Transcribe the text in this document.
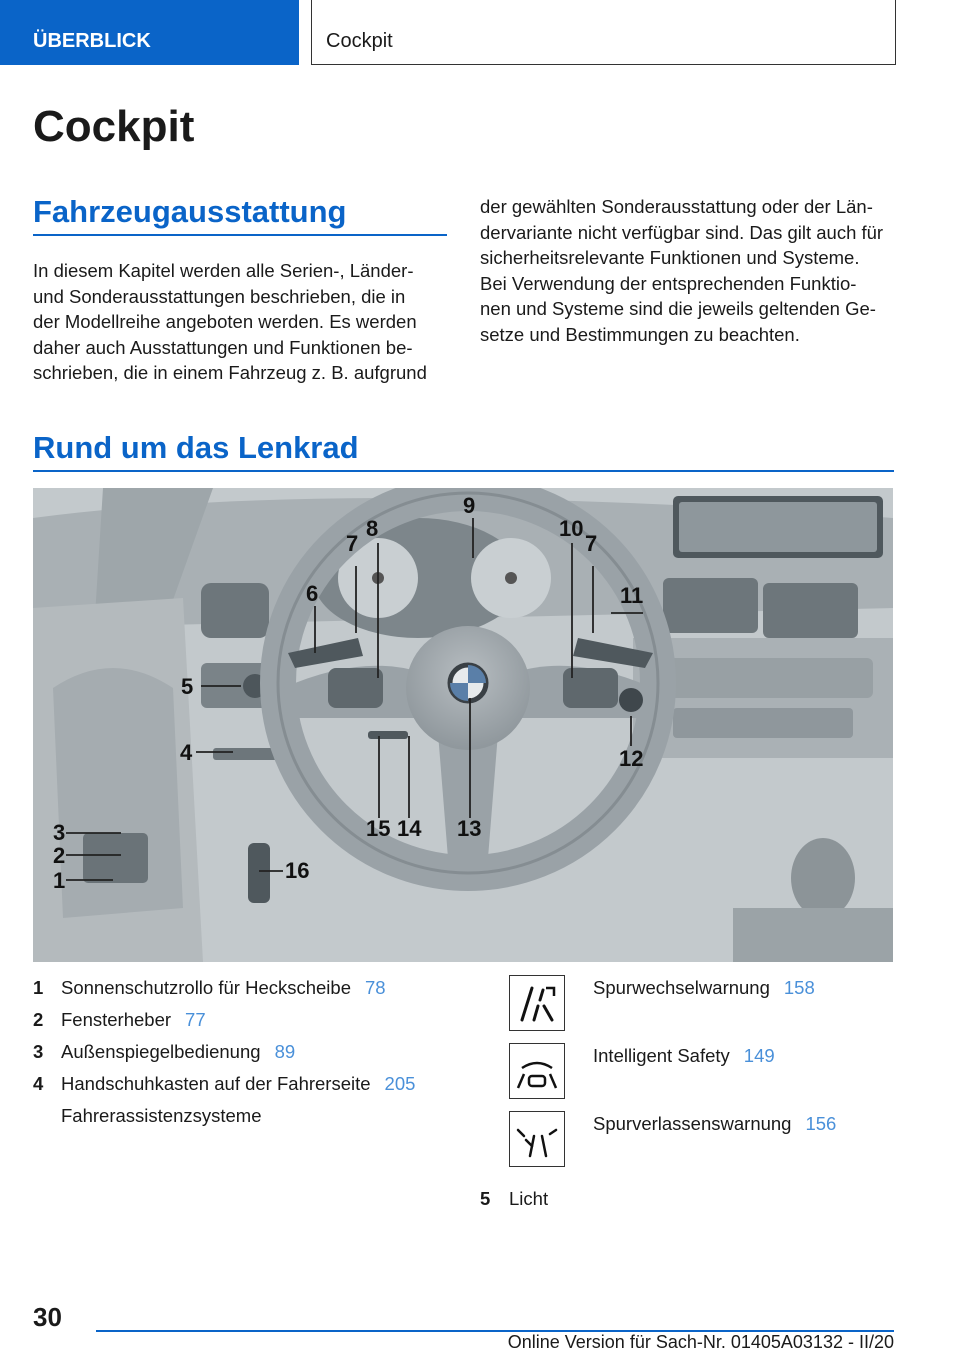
ÜBERBLICK	Cockpit
Cockpit
Fahrzeugausstattung
In diesem Kapitel werden alle Serien-, Länder-
und Sonderausstattungen beschrieben, die in
der Modellreihe angeboten werden. Es werden
daher auch Ausstattungen und Funktionen be-
schrieben, die in einem Fahrzeug z. B. aufgrund
der gewählten Sonderausstattung oder der Län-
dervariante nicht verfügbar sind. Das gilt auch für
sicherheitsrelevante Funktionen und Systeme.
Bei Verwendung der entsprechenden Funktio-
nen und Systeme sind die jeweils geltenden Ge-
setze und Bestimmungen zu beachten.
Rund um das Lenkrad
9
8
7
10
7
6	11
5
4	12
3
2
1
15 14 13
16
1 Sonnenschutzrollo für Heckscheibe 78
2 Fensterheber 77
3 Außenspiegelbedienung 89
4 Handschuhkasten auf der Fahrerseite 205
Fahrerassistenzsysteme
Spurwechselwarnung 158
Intelligent Safety 149
Spurverlassenswarnung 156
5 Licht
30
Online Version für Sach-Nr. 01405A03132 - II/20
